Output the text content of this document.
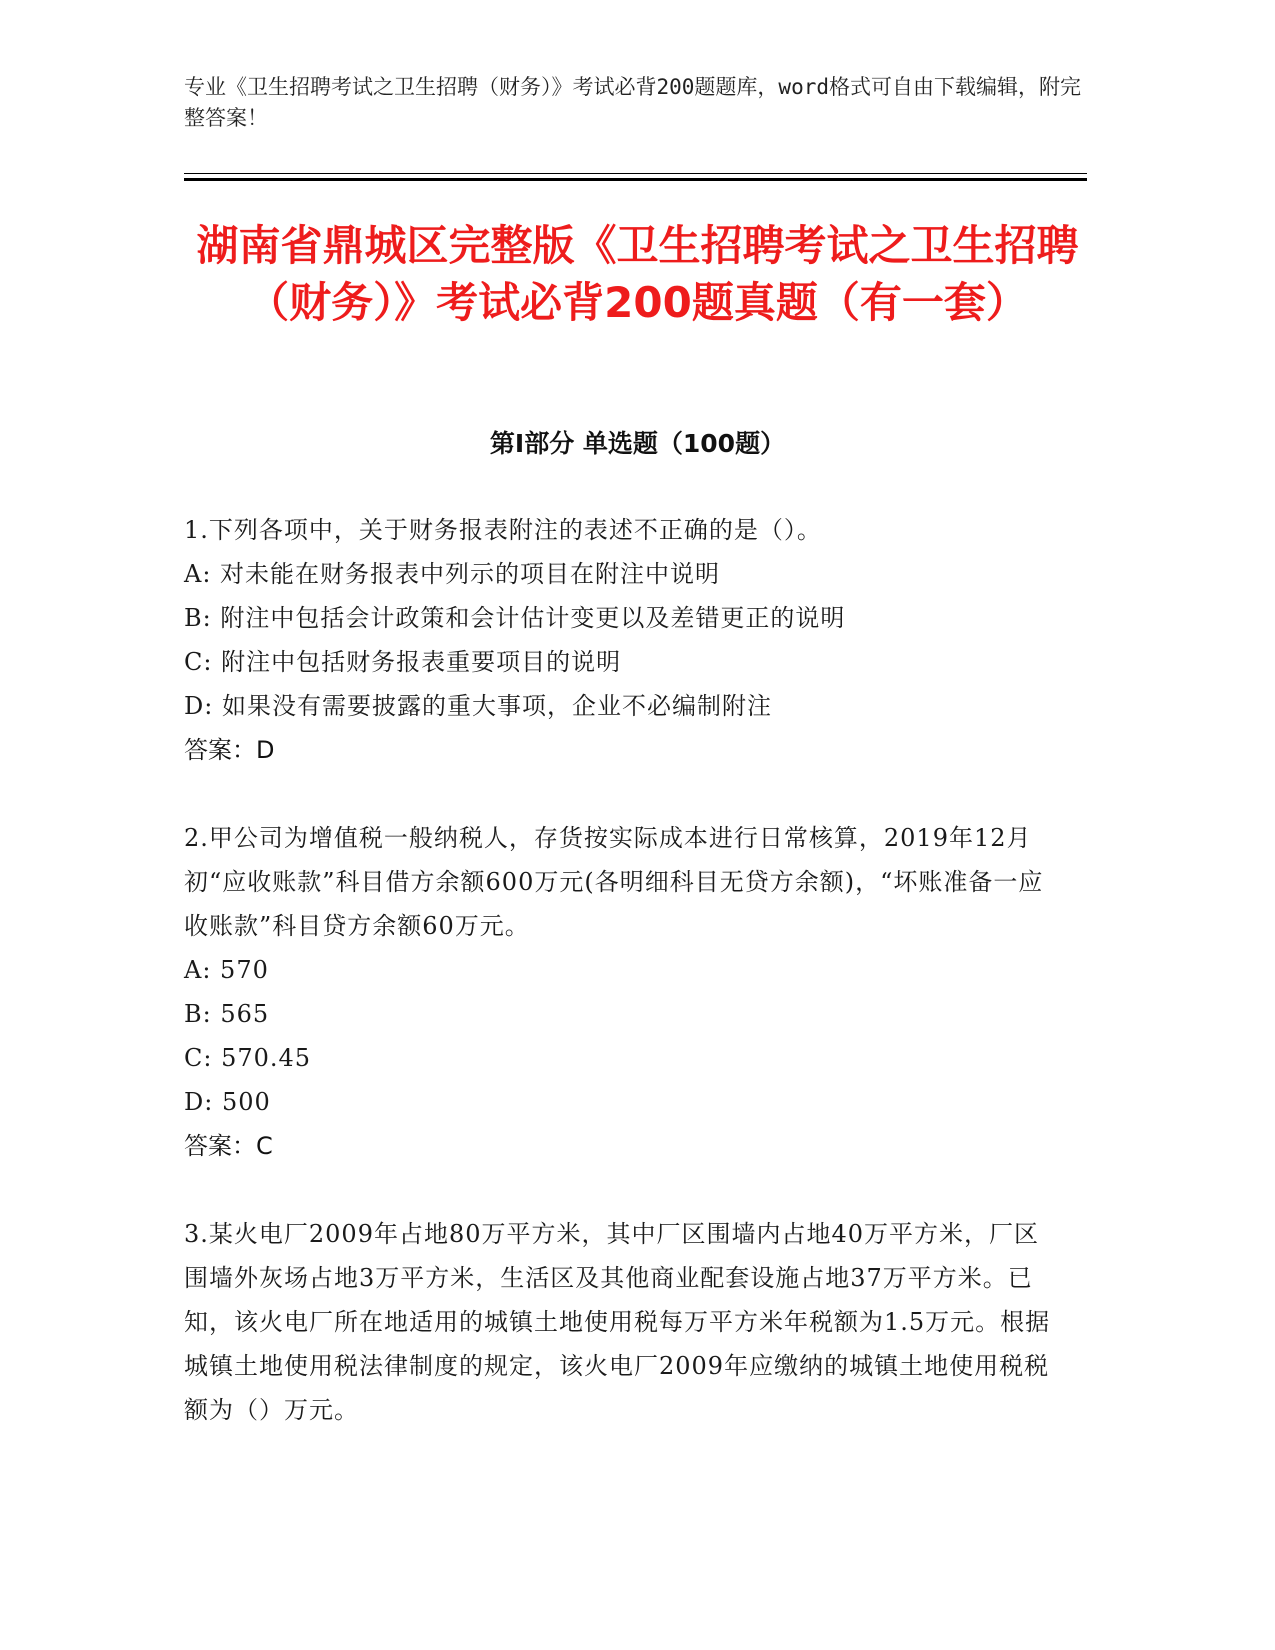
专业《卫生招聘考试之卫生招聘（财务）》考试必背200题题库，word格式可自由下载编辑，附完整答案！
湖南省鼎城区完整版《卫生招聘考试之卫生招聘（财务）》考试必背200题真题（有一套）
第I部分 单选题（100题）

1.下列各项中，关于财务报表附注的表述不正确的是（）。

A: 对未能在财务报表中列示的项目在附注中说明

B: 附注中包括会计政策和会计估计变更以及差错更正的说明

C: 附注中包括财务报表重要项目的说明

D: 如果没有需要披露的重大事项，企业不必编制附注

答案：D

2.甲公司为增值税一般纳税人，存货按实际成本进行日常核算，2019年12月初“应收账款”科目借方余额600万元(各明细科目无贷方余额)，“坏账准备一应收账款”科目贷方余额60万元。

A: 570

B: 565

C: 570.45

D: 500

答案：C

3.某火电厂2009年占地80万平方米，其中厂区围墙内占地40万平方米，厂区围墙外灰场占地3万平方米，生活区及其他商业配套设施占地37万平方米。已知，该火电厂所在地适用的城镇土地使用税每万平方米年税额为1.5万元。根据城镇土地使用税法律制度的规定，该火电厂2009年应缴纳的城镇土地使用税税额为（）万元。
